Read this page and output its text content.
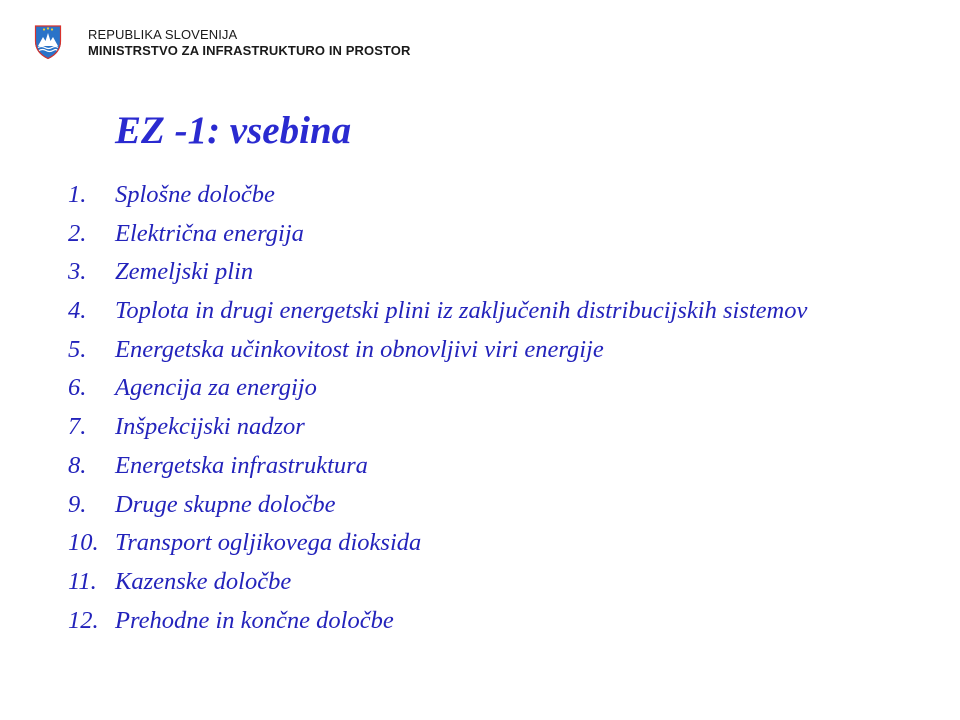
REPUBLIKA SLOVENIJA
MINISTRSTVO ZA INFRASTRUKTURO IN PROSTOR
EZ -1: vsebina
1.	Splošne določbe
2.	Električna energija
3.	Zemeljski plin
4.	Toplota in drugi energetski plini iz zaključenih distribucijskih sistemov
5.	Energetska učinkovitost in obnovljivi viri energije
6.	Agencija za energijo
7.	Inšpekcijski nadzor
8.	Energetska infrastruktura
9.	Druge skupne določbe
10. Transport ogljikovega dioksida
11. Kazenske določbe
12. Prehodne in končne določbe
